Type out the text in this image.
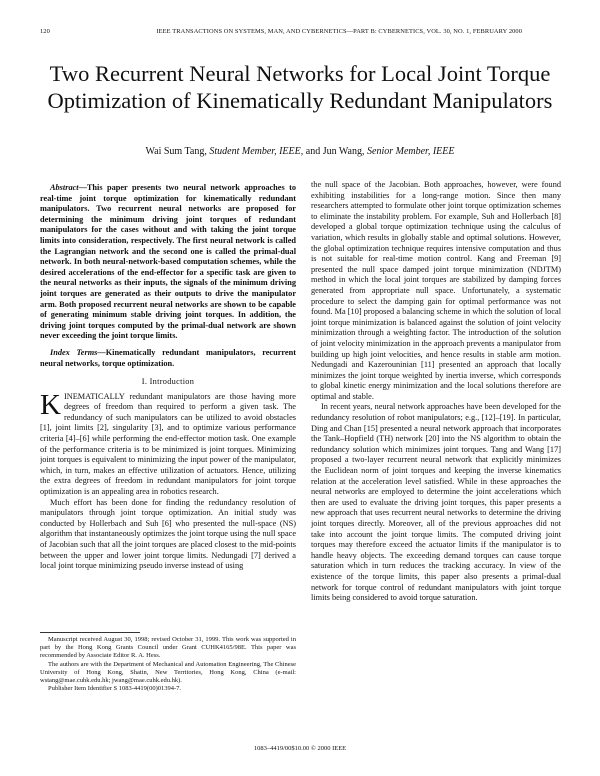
120	IEEE TRANSACTIONS ON SYSTEMS, MAN, AND CYBERNETICS—PART B: CYBERNETICS, VOL. 30, NO. 1, FEBRUARY 2000
Two Recurrent Neural Networks for Local Joint Torque Optimization of Kinematically Redundant Manipulators
Wai Sum Tang, Student Member, IEEE, and Jun Wang, Senior Member, IEEE

Abstract—This paper presents two neural network approaches to real-time joint torque optimization for kinematically redundant manipulators. Two recurrent neural networks are proposed for determining the minimum driving joint torques of redundant manipulators for the cases without and with taking the joint torque limits into consideration, respectively. The first neural network is called the Lagrangian network and the second one is called the primal-dual network. In both neural-network-based computation schemes, while the desired accelerations of the end-effector for a specific task are given to the neural networks as their inputs, the signals of the minimum driving joint torques are generated as their outputs to drive the manipulator arm. Both proposed recurrent neural networks are shown to be capable of generating minimum stable driving joint torques. In addition, the driving joint torques computed by the primal-dual network are shown never exceeding the joint torque limits.

Index Terms—Kinematically redundant manipulators, recurrent neural networks, torque optimization.

I. Introduction

KINEMATICALLY redundant manipulators are those having more degrees of freedom than required to perform a given task. The redundancy of such manipulators can be utilized to avoid obstacles [1], joint limits [2], singularity [3], and to optimize various performance criteria [4]–[6] while performing the end-effector motion task. One example of the performance criteria is to be minimized is joint torques. Minimizing joint torques is equivalent to minimizing the input power of the manipulator, which, in turn, makes an effective utilization of actuators. Hence, utilizing the extra degrees of freedom in redundant manipulators for joint torque optimization is an appealing area in robotics research.

Much effort has been done for finding the redundancy resolution of manipulators through joint torque optimization. An initial study was conducted by Hollerbach and Suh [6] who presented the null-space (NS) algorithm that instantaneously optimizes the joint torque using the null space of Jacobian such that all the joint torques are placed closest to the mid-points between the upper and lower joint torque limits. Nedungadi [7] derived a local joint torque minimizing pseudo inverse instead of using

the null space of the Jacobian. Both approaches, however, were found exhibiting instabilities for a long-range motion. Since then many researchers attempted to formulate other joint torque optimization schemes to eliminate the instability problem. For example, Suh and Hollerbach [8] developed a global torque optimization technique using the calculus of variation, which results in globally stable and optimal solutions. However, the global optimization technique requires intensive computation and thus is not suitable for real-time motion control. Kang and Freeman [9] presented the null space damped joint torque minimization (NDJTM) method in which the local joint torques are stabilized by damping forces generated from appropriate null space. Unfortunately, a systematic procedure to select the damping gain for optimal performance was not found. Ma [10] proposed a balancing scheme in which the solution of local joint torque minimization is balanced against the solution of joint velocity minimization through a weighting factor. The introduction of the solution of joint velocity minimization in the approach prevents a manipulator from building up high joint velocities, and hence results in stable arm motion. Nedungadi and Kazerouninian [11] presented an approach that locally minimizes the joint torque weighted by inertia inverse, which corresponds to global kinetic energy minimization and the local solutions therefore are optimal and stable.

In recent years, neural network approaches have been developed for the redundancy resolution of robot manipulators; e.g., [12]–[19]. In particular, Ding and Chan [15] presented a neural network approach that incorporates the Tank–Hopfield (TH) network [20] into the NS algorithm to obtain the redundancy solution which minimizes joint torques. Tang and Wang [17] proposed a two-layer recurrent neural network that explicitly minimizes the Euclidean norm of joint torques and keeping the inverse kinematics relation at the acceleration level satisfied. While in these approaches the neural networks are employed to determine the joint accelerations which then are used to evaluate the driving joint torques, this paper presents a new approach that uses recurrent neural networks to determine the driving joint torques directly. Moreover, all of the previous approaches did not take into account the joint torque limits. The computed driving joint torques may therefore exceed the actuator limits if the manipulator is to handle heavy objects. The exceeding demand torques can cause torque saturation which in turn reduces the tracking accuracy. In view of the existence of the torque limits, this paper also presents a primal-dual network for torque control of redundant manipulators with joint torque limits being considered to avoid torque saturation.

Manuscript received August 30, 1998; revised October 31, 1999. This work was supported in part by the Hong Kong Grants Council under Grant CUHK4165/98E. This paper was recommended by Associate Editor R. A. Hess.

The authors are with the Department of Mechanical and Automation Engineering, The Chinese University of Hong Kong, Shatin, New Territories, Hong Kong, China (e-mail: wstang@mae.cuhk.edu.hk; jwang@mae.cuhk.edu.hk).

Publisher Item Identifier S 1083-4419(00)01394-7.

1083–4419/00$10.00 © 2000 IEEE
